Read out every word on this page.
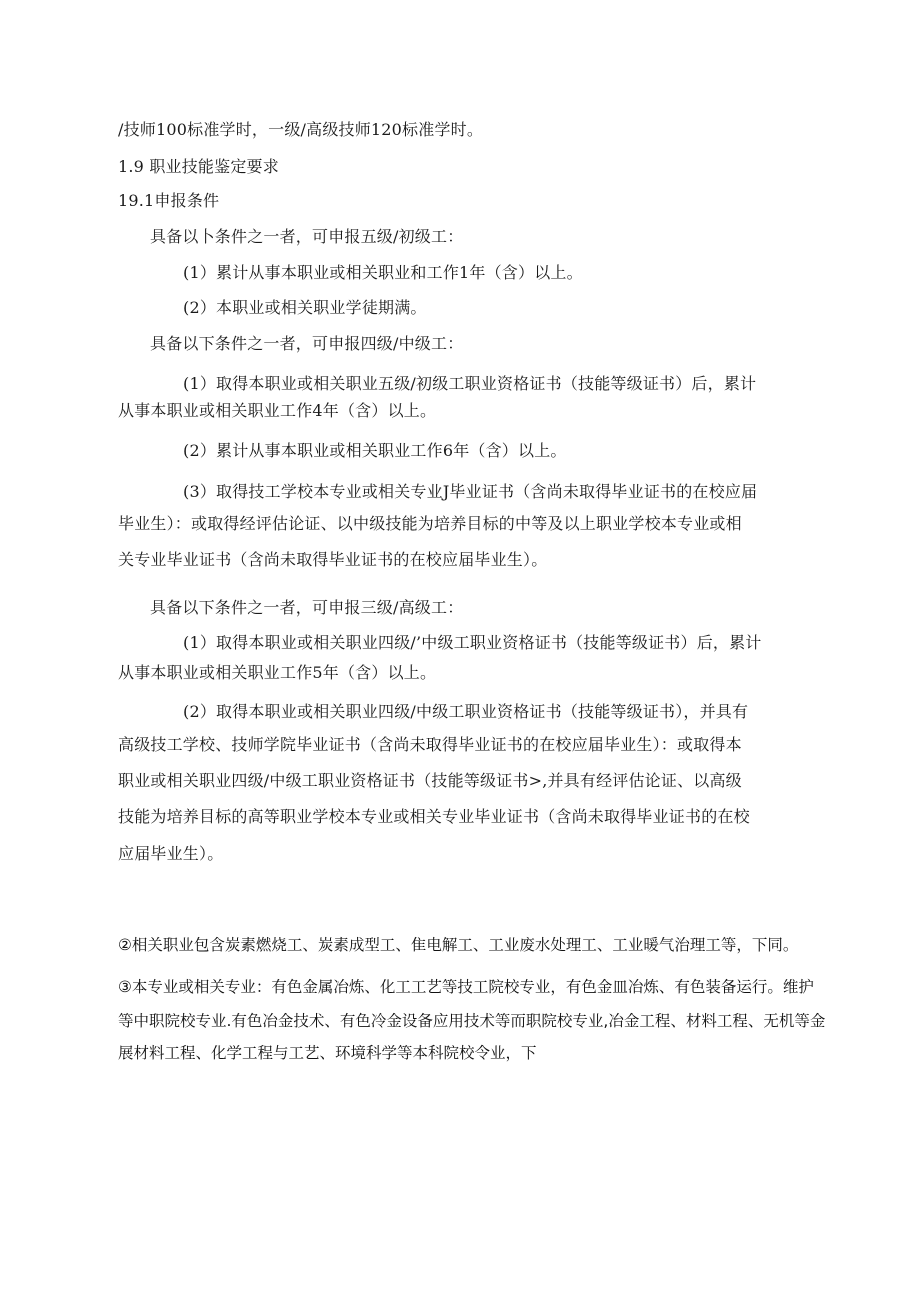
/技师100标准学时，一级/高级技师120标准学时。

1.9 职业技能鉴定要求

19.1申报条件

具备以卜条件之一者，可申报五级/初级工：

(1）累计从事本职业或相关职业和工作1年（含）以上。

(2）本职业或相关职业学徒期满。

具备以下条件之一者，可申报四级/中级工：

(1）取得本职业或相关职业五级/初级工职业资格证书（技能等级证书）后，累计

从事本职业或相关职业工作4年（含）以上。

(2）累计从事本职业或相关职业工作6年（含）以上。

(3）取得技工学校本专业或相关专业J毕业证书（含尚未取得毕业证书的在校应届

毕业生）：或取得经评估论证、以中级技能为培养目标的中等及以上职业学校本专业或相

关专业毕业证书（含尚未取得毕业证书的在校应届毕业生）。

具备以下条件之一者，可申报三级/高级工：

(1）取得本职业或相关职业四级/’中级工职业资格证书（技能等级证书）后，累计

从事本职业或相关职业工作5年（含）以上。

(2）取得本职业或相关职业四级/中级工职业资格证书（技能等级证书），并具有

高级技工学校、技师学院毕业证书（含尚未取得毕业证书的在校应届毕业生）：或取得本

职业或相关职业四级/中级工职业资格证书（技能等级证书>,并具有经评估论证、以高级

技能为培养目标的高等职业学校本专业或相关专业毕业证书（含尚未取得毕业证书的在校

应届毕业生）。

②相关职业包含炭素燃烧工、炭素成型工、隹电解工、工业废水处理工、工业暖气治理工等，下同。

③本专业或相关专业：有色金属冶炼、化工工艺等技工院校专业，有色金皿冶炼、有色装备运行。维护

等中职院校专业.有色冶金技术、有色冷金设备应用技术等而职院校专业,冶金工程、材料工程、无机等金

展材料工程、化学工程与工艺、环境科学等本科院校令业，下
